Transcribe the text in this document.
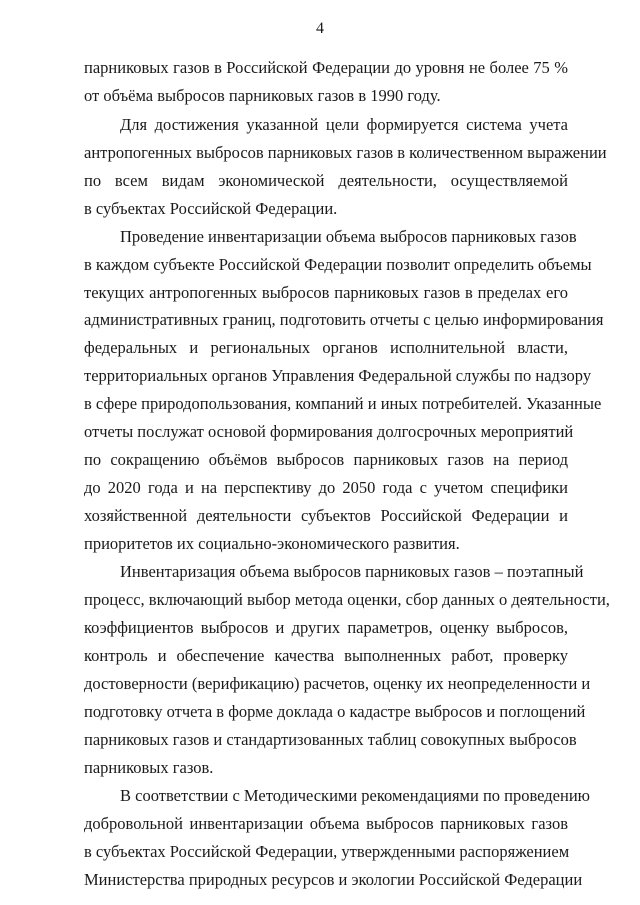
4
парниковых газов в Российской Федерации до уровня не более 75 %
от объёма выбросов парниковых газов в 1990 году.
Для достижения указанной цели формируется система учета
антропогенных выбросов парниковых газов в количественном выражении
по всем видам экономической деятельности, осуществляемой
в субъектах Российской Федерации.
Проведение инвентаризации объема выбросов парниковых газов
в каждом субъекте Российской Федерации позволит определить объемы
текущих антропогенных выбросов парниковых газов в пределах его
административных границ, подготовить отчеты с целью информирования
федеральных и региональных органов исполнительной власти,
территориальных органов Управления Федеральной службы по надзору
в сфере природопользования, компаний и иных потребителей. Указанные
отчеты послужат основой формирования долгосрочных мероприятий
по сокращению объёмов выбросов парниковых газов на период
до 2020 года и на перспективу до 2050 года с учетом специфики
хозяйственной деятельности субъектов Российской Федерации и
приоритетов их социально-экономического развития.
Инвентаризация объема выбросов парниковых газов – поэтапный
процесс, включающий выбор метода оценки, сбор данных о деятельности,
коэффициентов выбросов и других параметров, оценку выбросов,
контроль и обеспечение качества выполненных работ, проверку
достоверности (верификацию) расчетов, оценку их неопределенности и
подготовку отчета в форме доклада о кадастре выбросов и поглощений
парниковых газов и стандартизованных таблиц совокупных выбросов
парниковых газов.
В соответствии с Методическими рекомендациями по проведению
добровольной инвентаризации объема выбросов парниковых газов
в субъектах Российской Федерации, утвержденными распоряжением
Министерства природных ресурсов и экологии Российской Федерации
